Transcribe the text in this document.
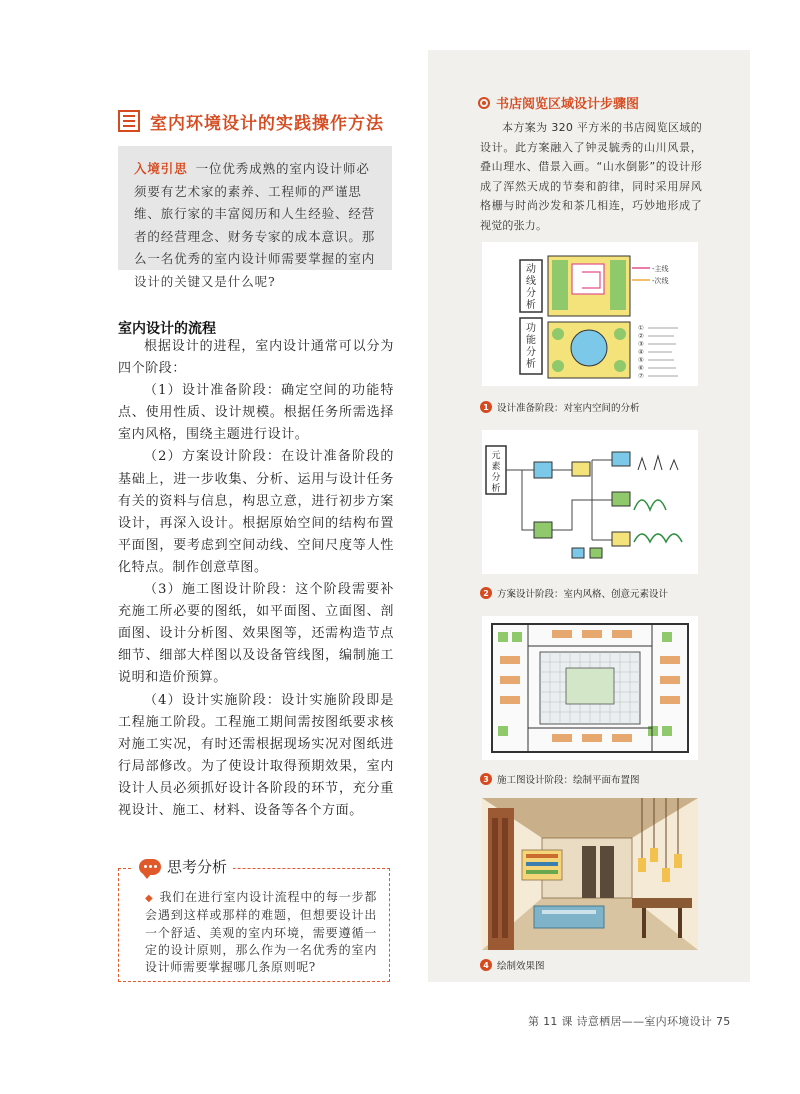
室内环境设计的实践操作方法
入境引思 一位优秀成熟的室内设计师必须要有艺术家的素养、工程师的严谨思维、旅行家的丰富阅历和人生经验、经营者的经营理念、财务专家的成本意识。那么一名优秀的室内设计师需要掌握的室内设计的关键又是什么呢?
室内设计的流程

根据设计的进程，室内设计通常可以分为四个阶段：

（1）设计准备阶段：确定空间的功能特点、使用性质、设计规模。根据任务所需选择室内风格，围绕主题进行设计。

（2）方案设计阶段：在设计准备阶段的基础上，进一步收集、分析、运用与设计任务有关的资料与信息，构思立意，进行初步方案设计，再深入设计。根据原始空间的结构布置平面图，要考虑到空间动线、空间尺度等人性化特点。制作创意草图。

（3）施工图设计阶段：这个阶段需要补充施工所必要的图纸，如平面图、立面图、剖面图、设计分析图、效果图等，还需构造节点细节、细部大样图以及设备管线图，编制施工说明和造价预算。

（4）设计实施阶段：设计实施阶段即是工程施工阶段。工程施工期间需按图纸要求核对施工实况，有时还需根据现场实况对图纸进行局部修改。为了使设计取得预期效果，室内设计人员必须抓好设计各阶段的环节，充分重视设计、施工、材料、设备等各个方面。

思考分析
◆ 我们在进行室内设计流程中的每一步都会遇到这样或那样的难题，但想要设计出一个舒适、美观的室内环境，需要遵循一定的设计原则，那么作为一名优秀的室内设计师需要掌握哪几条原则呢?
书店阅览区域设计步骤图
本方案为 320 平方米的书店阅览区域的设计。此方案融入了钟灵毓秀的山川风景，叠山理水、借景入画。“山水倒影”的设计形成了浑然天成的节奏和韵律，同时采用屏风格栅与时尚沙发和茶几相连，巧妙地形成了视觉的张力。
动
线
分
析
-主线
-次线
功
能
分
析
①
②
③
④
⑤
⑥
⑦
1 设计准备阶段：对室内空间的分析
元
素
分
析
2 方案设计阶段：室内风格、创意元素设计
3 施工图设计阶段：绘制平面布置图
4 绘制效果图
第 11 课 诗意栖居——室内环境设计 75
